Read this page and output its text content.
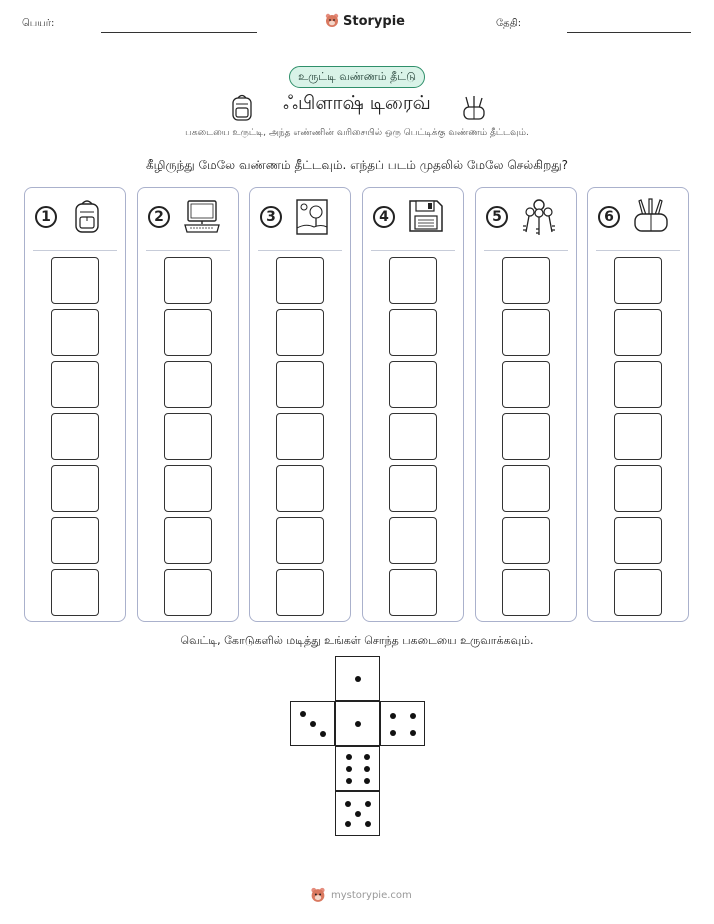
பெயர்:	Storypie	தேதி:
உருட்டி வண்ணம் தீட்டு
ஃபிளாஷ் டிரைவ்
பகடையை உருட்டி, அந்த எண்ணின் வரிசையில் ஒரு பெட்டிக்கு வண்ணம் தீட்டவும்.
கீழிருந்து மேலே வண்ணம் தீட்டவும். எந்தப் படம் முதலில் மேலே செல்கிறது?
1	2	3	4	5	6
வெட்டி, கோடுகளில் மடித்து உங்கள் சொந்த பகடையை உருவாக்கவும்.
mystorypie.com
